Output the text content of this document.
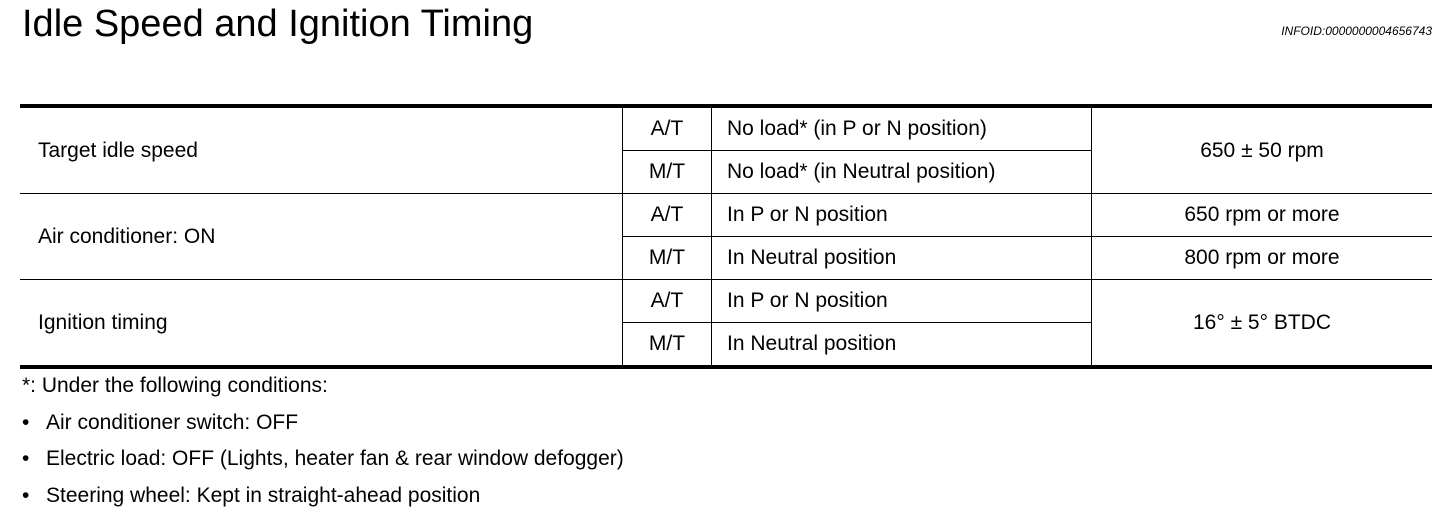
Idle Speed and Ignition Timing	INFOID:0000000004656743
Target idle speed	A/T	No load* (in P or N position)	650 ± 50 rpm
	M/T	No load* (in Neutral position)	
Air conditioner: ON	A/T	In P or N position	650 rpm or more
	M/T	In Neutral position	800 rpm or more
Ignition timing	A/T	In P or N position	16° ± 5° BTDC
	M/T	In Neutral position	
*: Under the following conditions:
• Air conditioner switch: OFF
• Electric load: OFF (Lights, heater fan & rear window defogger)
• Steering wheel: Kept in straight-ahead position
